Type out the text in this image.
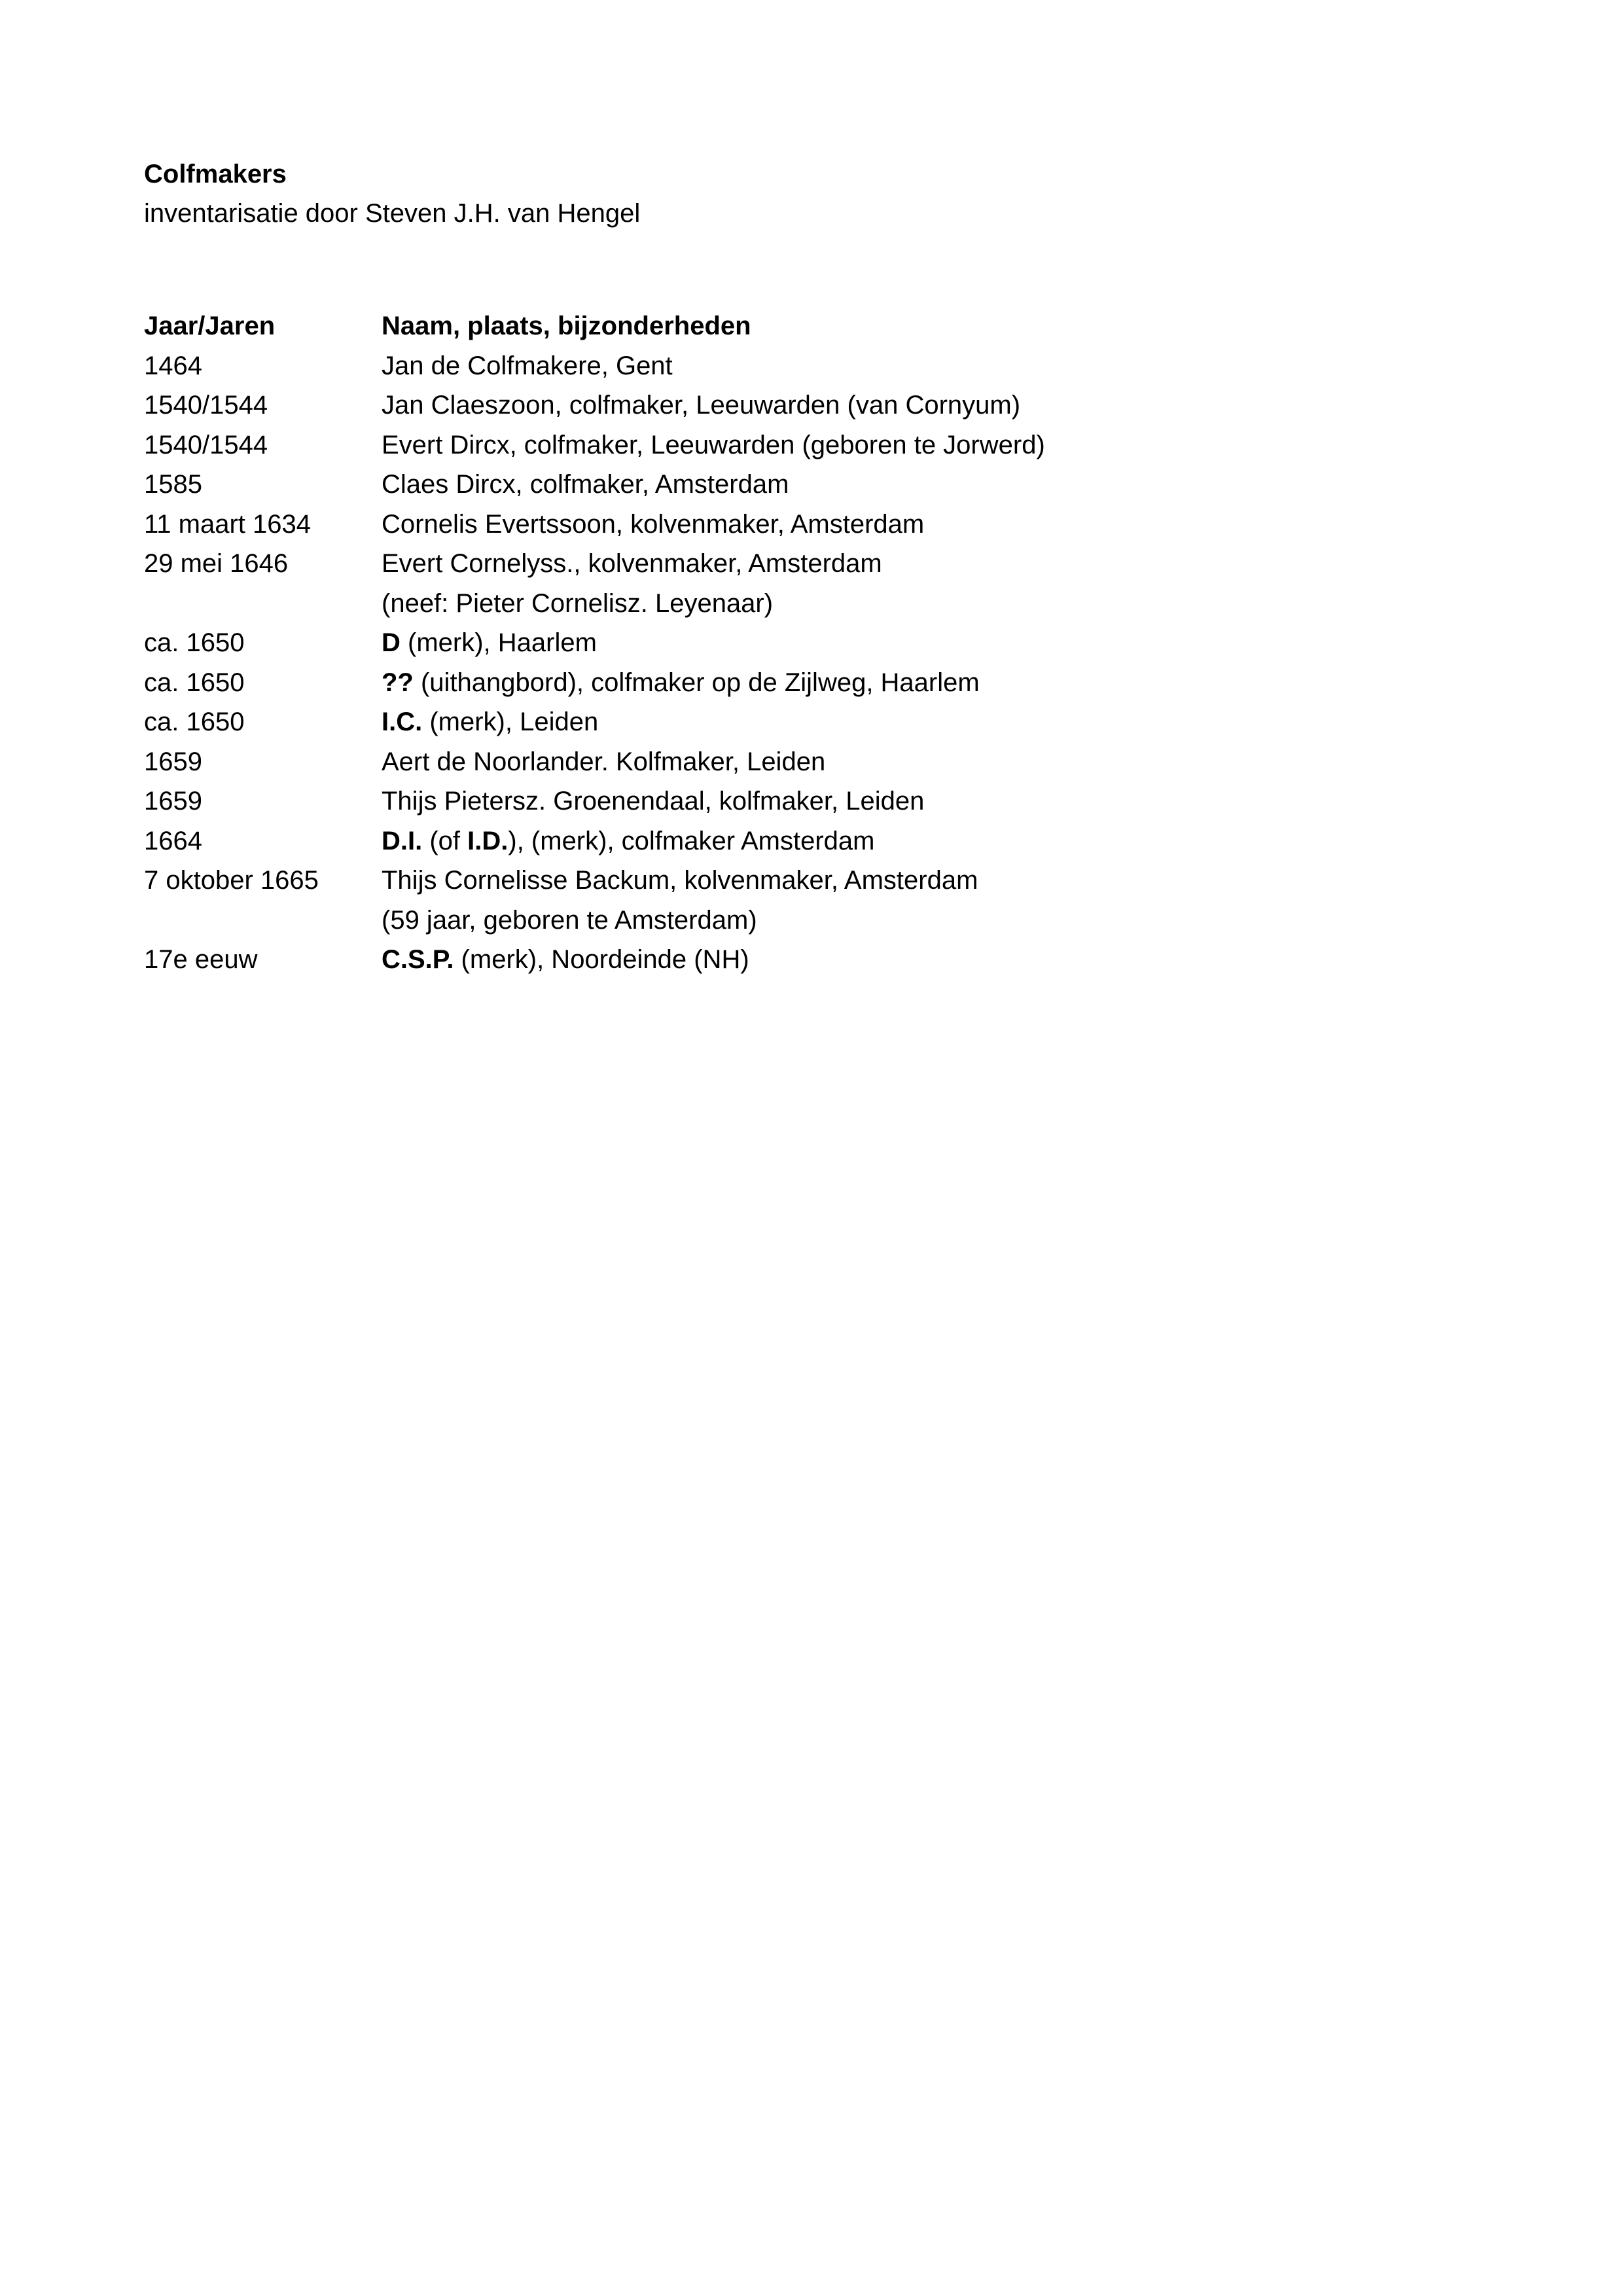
Colfmakers
inventarisatie door Steven J.H. van Hengel
Jaar/Jaren	Naam, plaats, bijzonderheden
1464	Jan de Colfmakere, Gent
1540/1544	Jan Claeszoon, colfmaker, Leeuwarden (van Cornyum)
1540/1544	Evert Dircx, colfmaker, Leeuwarden (geboren te Jorwerd)
1585	Claes Dircx, colfmaker, Amsterdam
11 maart 1634	Cornelis Evertssoon, kolvenmaker, Amsterdam
29 mei 1646	Evert Cornelyss., kolvenmaker, Amsterdam
(neef: Pieter Cornelisz. Leyenaar)
ca. 1650	D (merk), Haarlem
ca. 1650	?? (uithangbord), colfmaker op de Zijlweg, Haarlem
ca. 1650	I.C. (merk), Leiden
1659	Aert de Noorlander. Kolfmaker, Leiden
1659	Thijs Pietersz. Groenendaal, kolfmaker, Leiden
1664	D.I. (of I.D.), (merk), colfmaker Amsterdam
7 oktober 1665	Thijs Cornelisse Backum, kolvenmaker, Amsterdam
(59 jaar, geboren te Amsterdam)
17e eeuw	C.S.P. (merk), Noordeinde (NH)
